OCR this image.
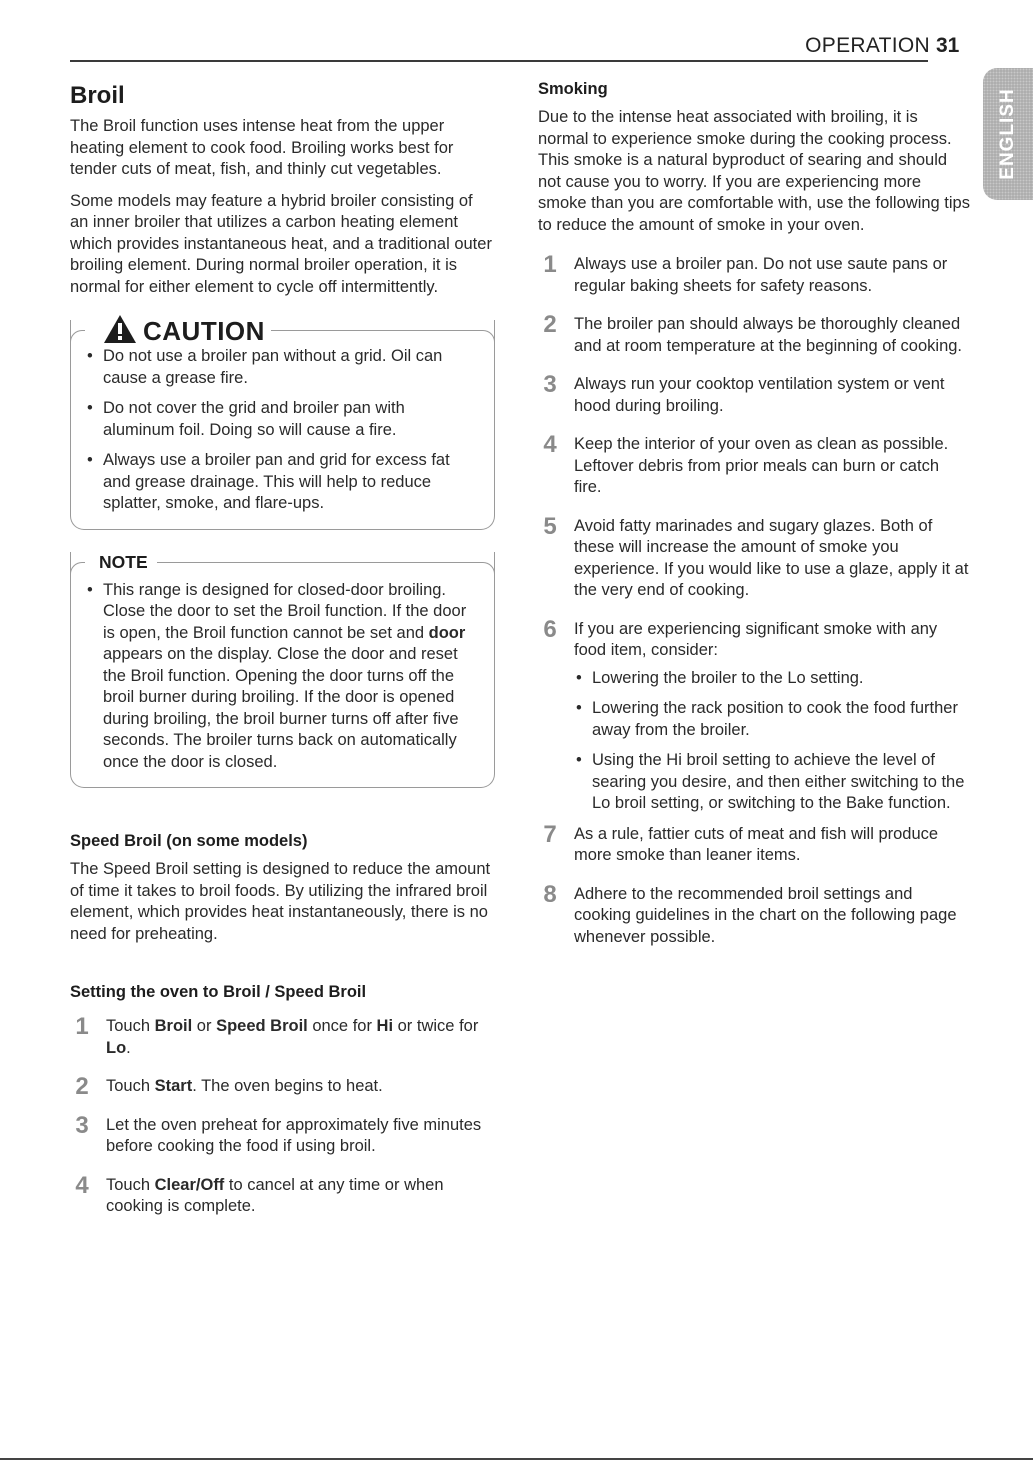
OPERATION 31
ENGLISH
Broil

The Broil function uses intense heat from the upper heating element to cook food. Broiling works best for tender cuts of meat, fish, and thinly cut vegetables.

Some models may feature a hybrid broiler consisting of an inner broiler that utilizes a carbon heating element which provides instantaneous heat, and a traditional outer broiling element. During normal broiler operation, it is normal for either element to cycle off intermittently.

CAUTION
• Do not use a broiler pan without a grid. Oil can cause a grease fire.
• Do not cover the grid and broiler pan with aluminum foil. Doing so will cause a fire.
• Always use a broiler pan and grid for excess fat and grease drainage. This will help to reduce splatter, smoke, and flare-ups.
NOTE
• This range is designed for closed-door broiling. Close the door to set the Broil function. If the door is open, the Broil function cannot be set and door appears on the display. Close the door and reset the Broil function. Opening the door turns off the broil burner during broiling. If the door is opened during broiling, the broil burner turns off after five seconds. The broiler turns back on automatically once the door is closed.
Speed Broil (on some models)

The Speed Broil setting is designed to reduce the amount of time it takes to broil foods. By utilizing the infrared broil element, which provides heat instantaneously, there is no need for preheating.

Setting the oven to Broil / Speed Broil
1	Touch Broil or Speed Broil once for Hi or twice for Lo.
2	Touch Start. The oven begins to heat.
3	Let the oven preheat for approximately five minutes before cooking the food if using broil.
4	Touch Clear/Off to cancel at any time or when cooking is complete.
Smoking

Due to the intense heat associated with broiling, it is normal to experience smoke during the cooking process. This smoke is a natural byproduct of searing and should not cause you to worry. If you are experiencing more smoke than you are comfortable with, use the following tips to reduce the amount of smoke in your oven.

1	Always use a broiler pan. Do not use saute pans or regular baking sheets for safety reasons.
2	The broiler pan should always be thoroughly cleaned and at room temperature at the beginning of cooking.
3	Always run your cooktop ventilation system or vent hood during broiling.
4	Keep the interior of your oven as clean as possible. Leftover debris from prior meals can burn or catch fire.
5	Avoid fatty marinades and sugary glazes. Both of these will increase the amount of smoke you experience. If you would like to use a glaze, apply it at the very end of cooking.
6	If you are experiencing significant smoke with any food item, consider:
• Lowering the broiler to the Lo setting.
• Lowering the rack position to cook the food further away from the broiler.
• Using the Hi broil setting to achieve the level of searing you desire, and then either switching to the Lo broil setting, or switching to the Bake function.
7	As a rule, fattier cuts of meat and fish will produce more smoke than leaner items.
8	Adhere to the recommended broil settings and cooking guidelines in the chart on the following page whenever possible.
